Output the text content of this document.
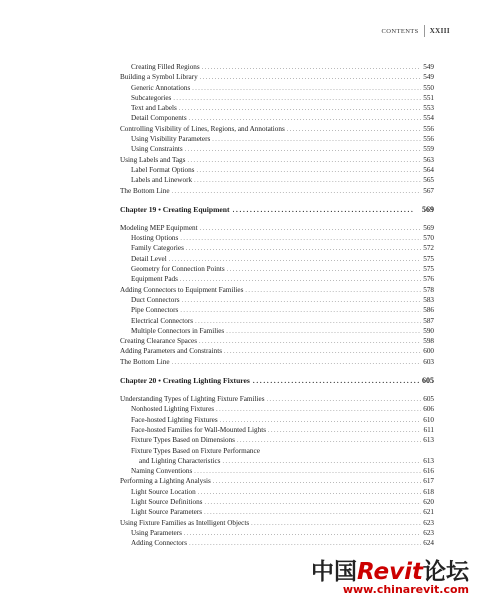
CONTENTS XXIII
Creating Filled Regions . . .	549
Building a Symbol Library . . .	549
Generic Annotations . . .	550
Subcategories . . .	551
Text and Labels . . .	553
Detail Components . . .	554
Controlling Visibility of Lines, Regions, and Annotations . . .	556
Using Visibility Parameters . . .	556
Using Constraints . . .	559
Using Labels and Tags . . .	563
Label Format Options . . .	564
Labels and Linework . . .	565
The Bottom Line . . .	567
Chapter 19 • Creating Equipment . . .	569
Modeling MEP Equipment . . .	569
Hosting Options . . .	570
Family Categories . . .	572
Detail Level . . .	575
Geometry for Connection Points . . .	575
Equipment Pads . . .	576
Adding Connectors to Equipment Families . . .	578
Duct Connectors . . .	583
Pipe Connectors . . .	586
Electrical Connectors . . .	587
Multiple Connectors in Families . . .	590
Creating Clearance Spaces . . .	598
Adding Parameters and Constraints . . .	600
The Bottom Line . . .	603
Chapter 20 • Creating Lighting Fixtures . . .	605
Understanding Types of Lighting Fixture Families . . .	605
Nonhosted Lighting Fixtures . . .	606
Face-hosted Lighting Fixtures . . .	610
Face-hosted Families for Wall-Mounted Lights . . .	611
Fixture Types Based on Dimensions . . .	613
Fixture Types Based on Fixture Performance
and Lighting Characteristics . . .	613
Naming Conventions . . .	616
Performing a Lighting Analysis . . .	617
Light Source Location . . .	618
Light Source Definitions . . .	620
Light Source Parameters . . .	621
Using Fixture Families as Intelligent Objects . . .	623
Using Parameters . . .	623
Adding Connectors . . .	624
中国Revit论坛
www.chinarevit.com
